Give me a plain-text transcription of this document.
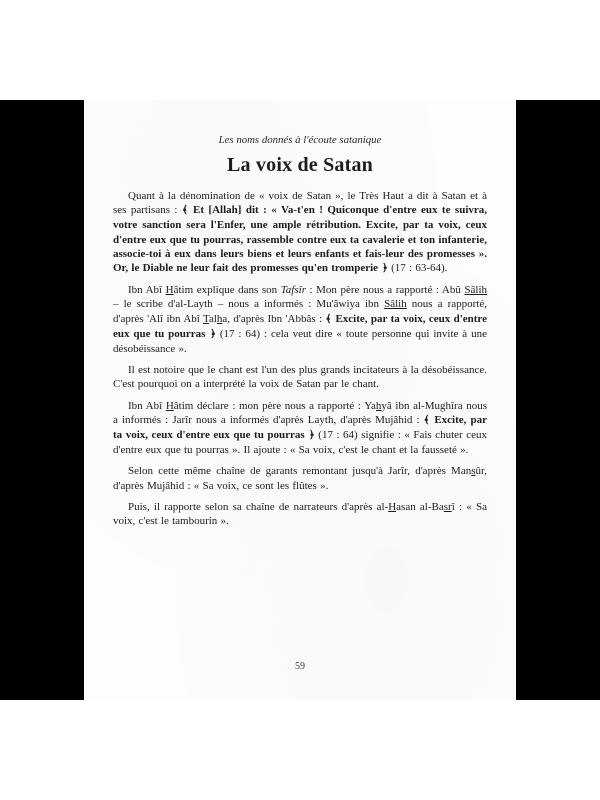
Les noms donnés à l'écoute satanique
La voix de Satan

Quant à la dénomination de « voix de Satan », le Très Haut a dit à Satan et à ses partisans : ﴾ Et [Allah] dit : « Va-t'en ! Quiconque d'entre eux te suivra, votre sanction sera l'Enfer, une ample rétribution. Excite, par ta voix, ceux d'entre eux que tu pourras, rassemble contre eux ta cavalerie et ton infanterie, associe-toi à eux dans leurs biens et leurs enfants et fais-leur des promesses ». Or, le Diable ne leur fait des promesses qu'en tromperie ﴿ (17 : 63-64).

Ibn Abî Hâtim explique dans son Tafsîr : Mon père nous a rapporté : Abû Sâlih – le scribe d'al-Layth – nous a informés : Mu'âwiya ibn Sâlih nous a rapporté, d'après 'Alî ibn Abî Talha, d'après Ibn 'Abbâs : ﴾ Excite, par ta voix, ceux d'entre eux que tu pourras ﴿ (17 : 64) : cela veut dire « toute personne qui invite à une désobéissance ».

Il est notoire que le chant est l'un des plus grands incitateurs à la désobéissance. C'est pourquoi on a interprété la voix de Satan par le chant.

Ibn Abî Hâtim déclare : mon père nous a rapporté : Yahyâ ibn al-Mughîra nous a informés : Jarîr nous a informés d'après Layth, d'après Mujâhid : ﴾ Excite, par ta voix, ceux d'entre eux que tu pourras ﴿ (17 : 64) signifie : « Fais chuter ceux d'entre eux que tu pourras ». Il ajoute : « Sa voix, c'est le chant et la fausseté ».

Selon cette même chaîne de garants remontant jusqu'à Jarîr, d'après Mansûr, d'après Mujâhid : « Sa voix, ce sont les flûtes ».

Puis, il rapporte selon sa chaîne de narrateurs d'après al-Hasan al-Basrî : « Sa voix, c'est le tambourin ».

59
